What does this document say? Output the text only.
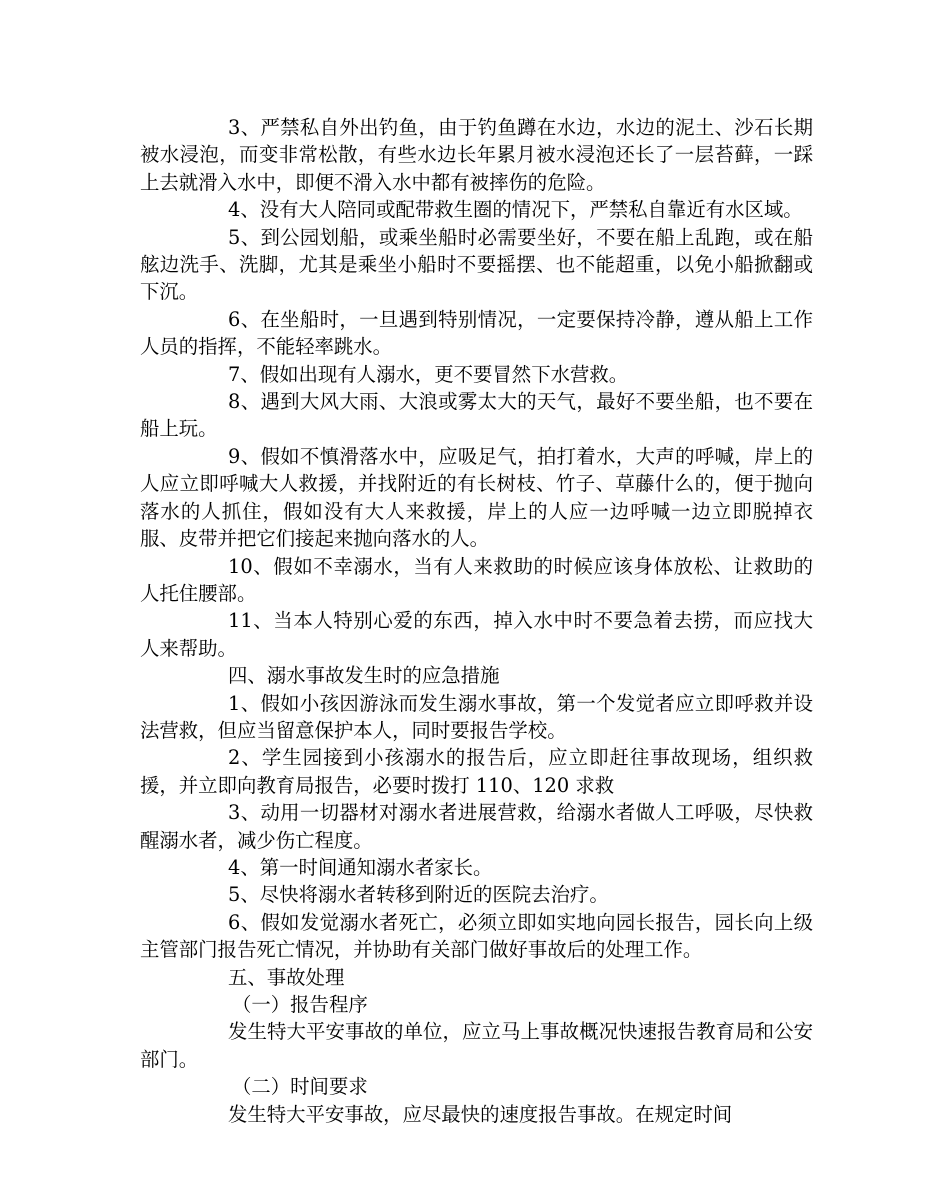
3、严禁私自外出钓鱼，由于钓鱼蹲在水边，水边的泥土、沙石长期被水浸泡，而变非常松散，有些水边长年累月被水浸泡还长了一层苔藓，一踩上去就滑入水中，即便不滑入水中都有被摔伤的危险。

4、没有大人陪同或配带救生圈的情况下，严禁私自靠近有水区域。

5、到公园划船，或乘坐船时必需要坐好，不要在船上乱跑，或在船舷边洗手、洗脚，尤其是乘坐小船时不要摇摆、也不能超重，以免小船掀翻或下沉。

6、在坐船时，一旦遇到特别情况，一定要保持冷静，遵从船上工作人员的指挥，不能轻率跳水。

7、假如出现有人溺水，更不要冒然下水营救。

8、遇到大风大雨、大浪或雾太大的天气，最好不要坐船，也不要在船上玩。

9、假如不慎滑落水中，应吸足气，拍打着水，大声的呼喊，岸上的人应立即呼喊大人救援，并找附近的有长树枝、竹子、草藤什么的，便于抛向落水的人抓住，假如没有大人来救援，岸上的人应一边呼喊一边立即脱掉衣服、皮带并把它们接起来抛向落水的人。

10、假如不幸溺水，当有人来救助的时候应该身体放松、让救助的人托住腰部。

11、当本人特别心爱的东西，掉入水中时不要急着去捞，而应找大人来帮助。

四、溺水事故发生时的应急措施

1、假如小孩因游泳而发生溺水事故，第一个发觉者应立即呼救并设法营救，但应当留意保护本人，同时要报告学校。

2、学生园接到小孩溺水的报告后，应立即赶往事故现场，组织救援，并立即向教育局报告，必要时拨打 110、120 求救

3、动用一切器材对溺水者进展营救，给溺水者做人工呼吸，尽快救醒溺水者，减少伤亡程度。

4、第一时间通知溺水者家长。

5、尽快将溺水者转移到附近的医院去治疗。

6、假如发觉溺水者死亡，必须立即如实地向园长报告，园长向上级主管部门报告死亡情况，并协助有关部门做好事故后的处理工作。

五、事故处理

（一）报告程序

发生特大平安事故的单位，应立马上事故概况快速报告教育局和公安部门。

（二）时间要求

发生特大平安事故，应尽最快的速度报告事故。在规定时间
